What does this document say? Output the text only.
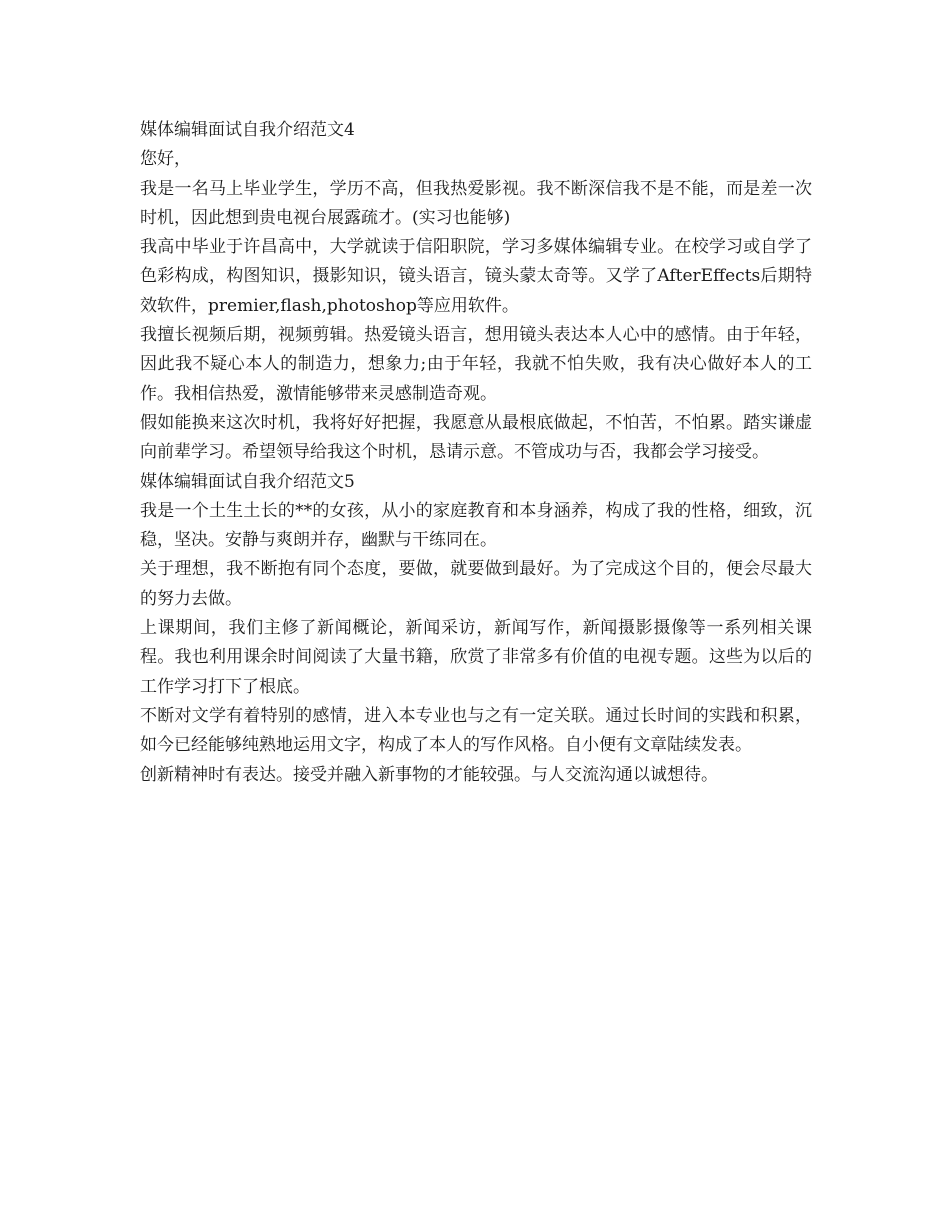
媒体编辑面试自我介绍范文4

您好，

我是一名马上毕业学生，学历不高，但我热爱影视。我不断深信我不是不能，而是差一次时机，因此想到贵电视台展露疏才。(实习也能够)

我高中毕业于许昌高中，大学就读于信阳职院，学习多媒体编辑专业。在校学习或自学了色彩构成，构图知识，摄影知识，镜头语言，镜头蒙太奇等。又学了AfterEffects后期特效软件，premier,flash,photoshop等应用软件。

我擅长视频后期，视频剪辑。热爱镜头语言，想用镜头表达本人心中的感情。由于年轻，因此我不疑心本人的制造力，想象力;由于年轻，我就不怕失败，我有决心做好本人的工作。我相信热爱，激情能够带来灵感制造奇观。

假如能换来这次时机，我将好好把握，我愿意从最根底做起，不怕苦，不怕累。踏实谦虚向前辈学习。希望领导给我这个时机，恳请示意。不管成功与否，我都会学习接受。

媒体编辑面试自我介绍范文5

我是一个土生土长的**的女孩，从小的家庭教育和本身涵养，构成了我的性格，细致，沉稳，坚决。安静与爽朗并存，幽默与干练同在。

关于理想，我不断抱有同个态度，要做，就要做到最好。为了完成这个目的，便会尽最大的努力去做。

上课期间，我们主修了新闻概论，新闻采访，新闻写作，新闻摄影摄像等一系列相关课程。我也利用课余时间阅读了大量书籍，欣赏了非常多有价值的电视专题。这些为以后的工作学习打下了根底。

不断对文学有着特别的感情，进入本专业也与之有一定关联。通过长时间的实践和积累，如今已经能够纯熟地运用文字，构成了本人的写作风格。自小便有文章陆续发表。

创新精神时有表达。接受并融入新事物的才能较强。与人交流沟通以诚想待。
